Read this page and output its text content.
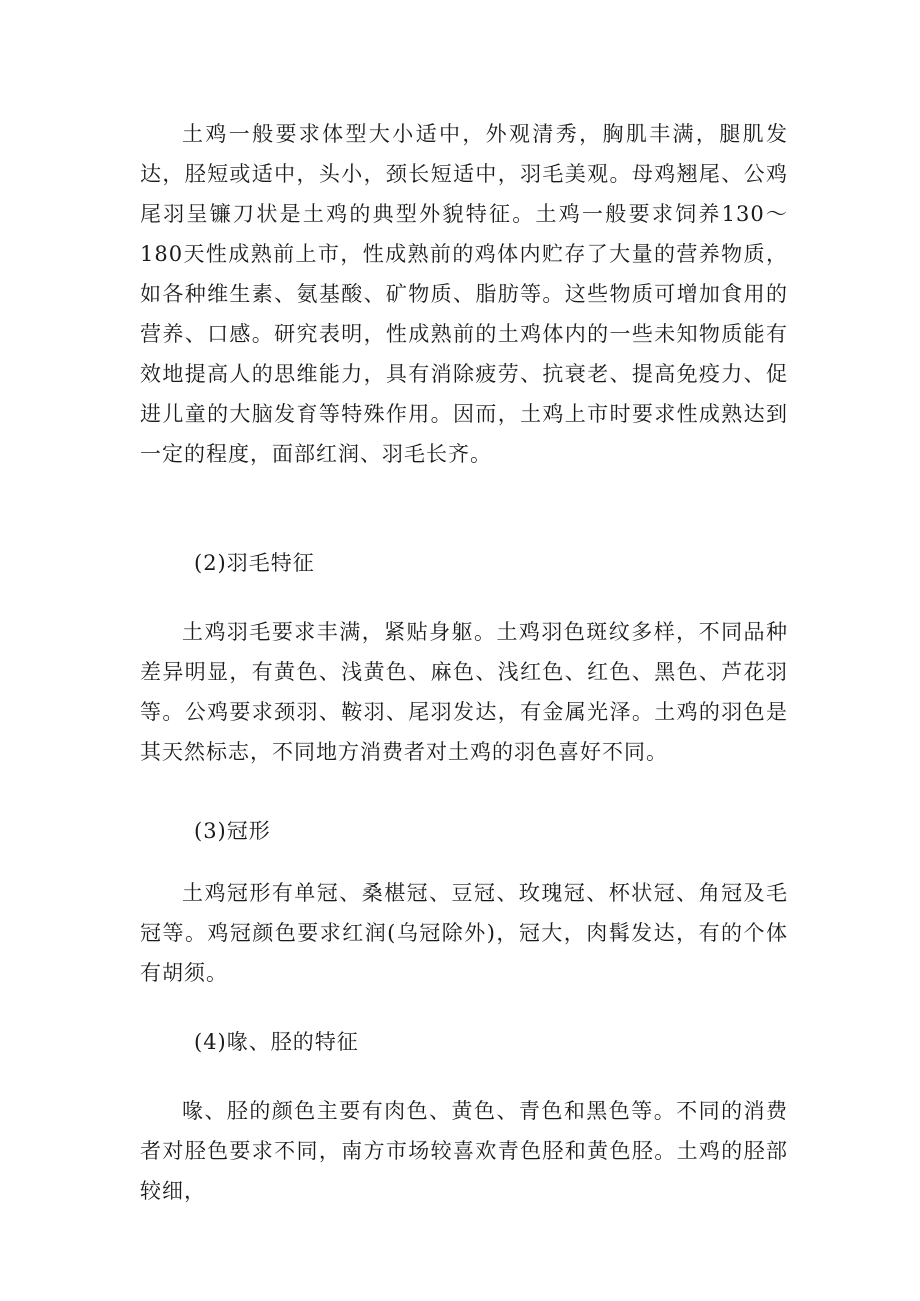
土鸡一般要求体型大小适中，外观清秀，胸肌丰满，腿肌发达，胫短或适中，头小，颈长短适中，羽毛美观。母鸡翘尾、公鸡尾羽呈镰刀状是土鸡的典型外貌特征。土鸡一般要求饲养130～180天性成熟前上市，性成熟前的鸡体内贮存了大量的营养物质，如各种维生素、氨基酸、矿物质、脂肪等。这些物质可增加食用的营养、口感。研究表明，性成熟前的土鸡体内的一些未知物质能有效地提高人的思维能力，具有消除疲劳、抗衰老、提高免疫力、促进儿童的大脑发育等特殊作用。因而，土鸡上市时要求性成熟达到一定的程度，面部红润、羽毛长齐。

(2)羽毛特征

土鸡羽毛要求丰满，紧贴身躯。土鸡羽色斑纹多样，不同品种差异明显，有黄色、浅黄色、麻色、浅红色、红色、黑色、芦花羽等。公鸡要求颈羽、鞍羽、尾羽发达，有金属光泽。土鸡的羽色是其天然标志，不同地方消费者对土鸡的羽色喜好不同。

(3)冠形

土鸡冠形有单冠、桑椹冠、豆冠、玫瑰冠、杯状冠、角冠及毛冠等。鸡冠颜色要求红润(乌冠除外)，冠大，肉髯发达，有的个体有胡须。

(4)喙、胫的特征

喙、胫的颜色主要有肉色、黄色、青色和黑色等。不同的消费者对胫色要求不同，南方市场较喜欢青色胫和黄色胫。土鸡的胫部较细，
